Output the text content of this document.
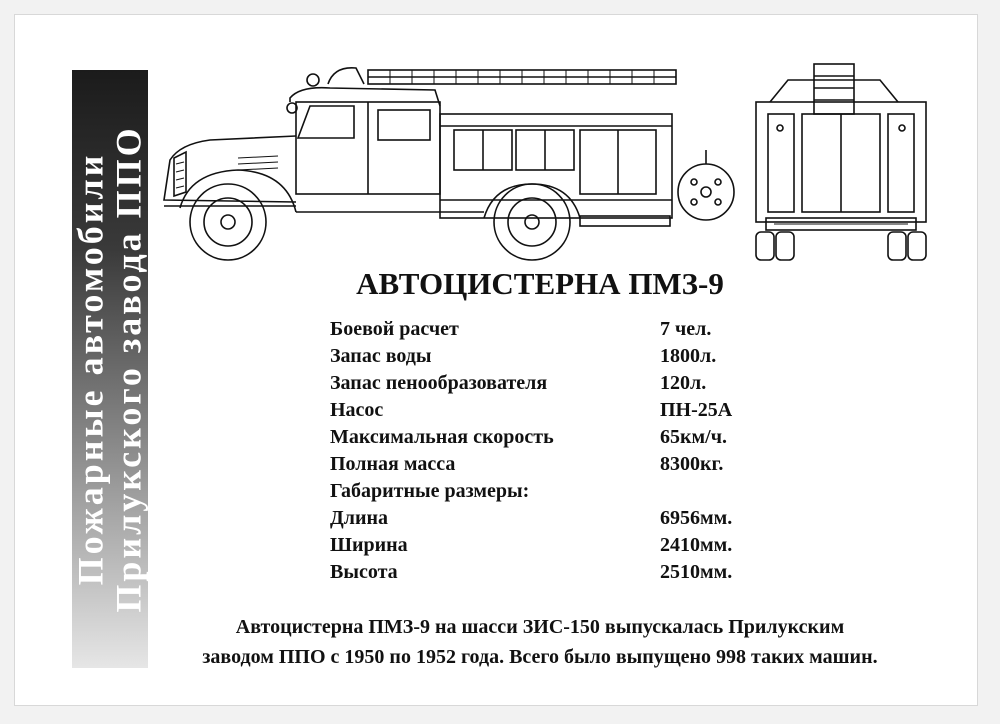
Пожарные автомобили
Прилукского завода ППО	АВТОЦИСТЕРНА ПМЗ-9
Боевой расчет	7 чел.
Запас воды	1800л.
Запас пенообразователя	120л.
Насос	ПН-25А
Максимальная скорость	65км/ч.
Полная масса	8300кг.
Габаритные размеры:
Длина	6956мм.
Ширина	2410мм.
Высота	2510мм.
Автоцистерна ПМЗ-9 на шасси ЗИС-150 выпускалась Прилукским
заводом ППО с 1950 по 1952 года. Всего было выпущено 998 таких машин.
